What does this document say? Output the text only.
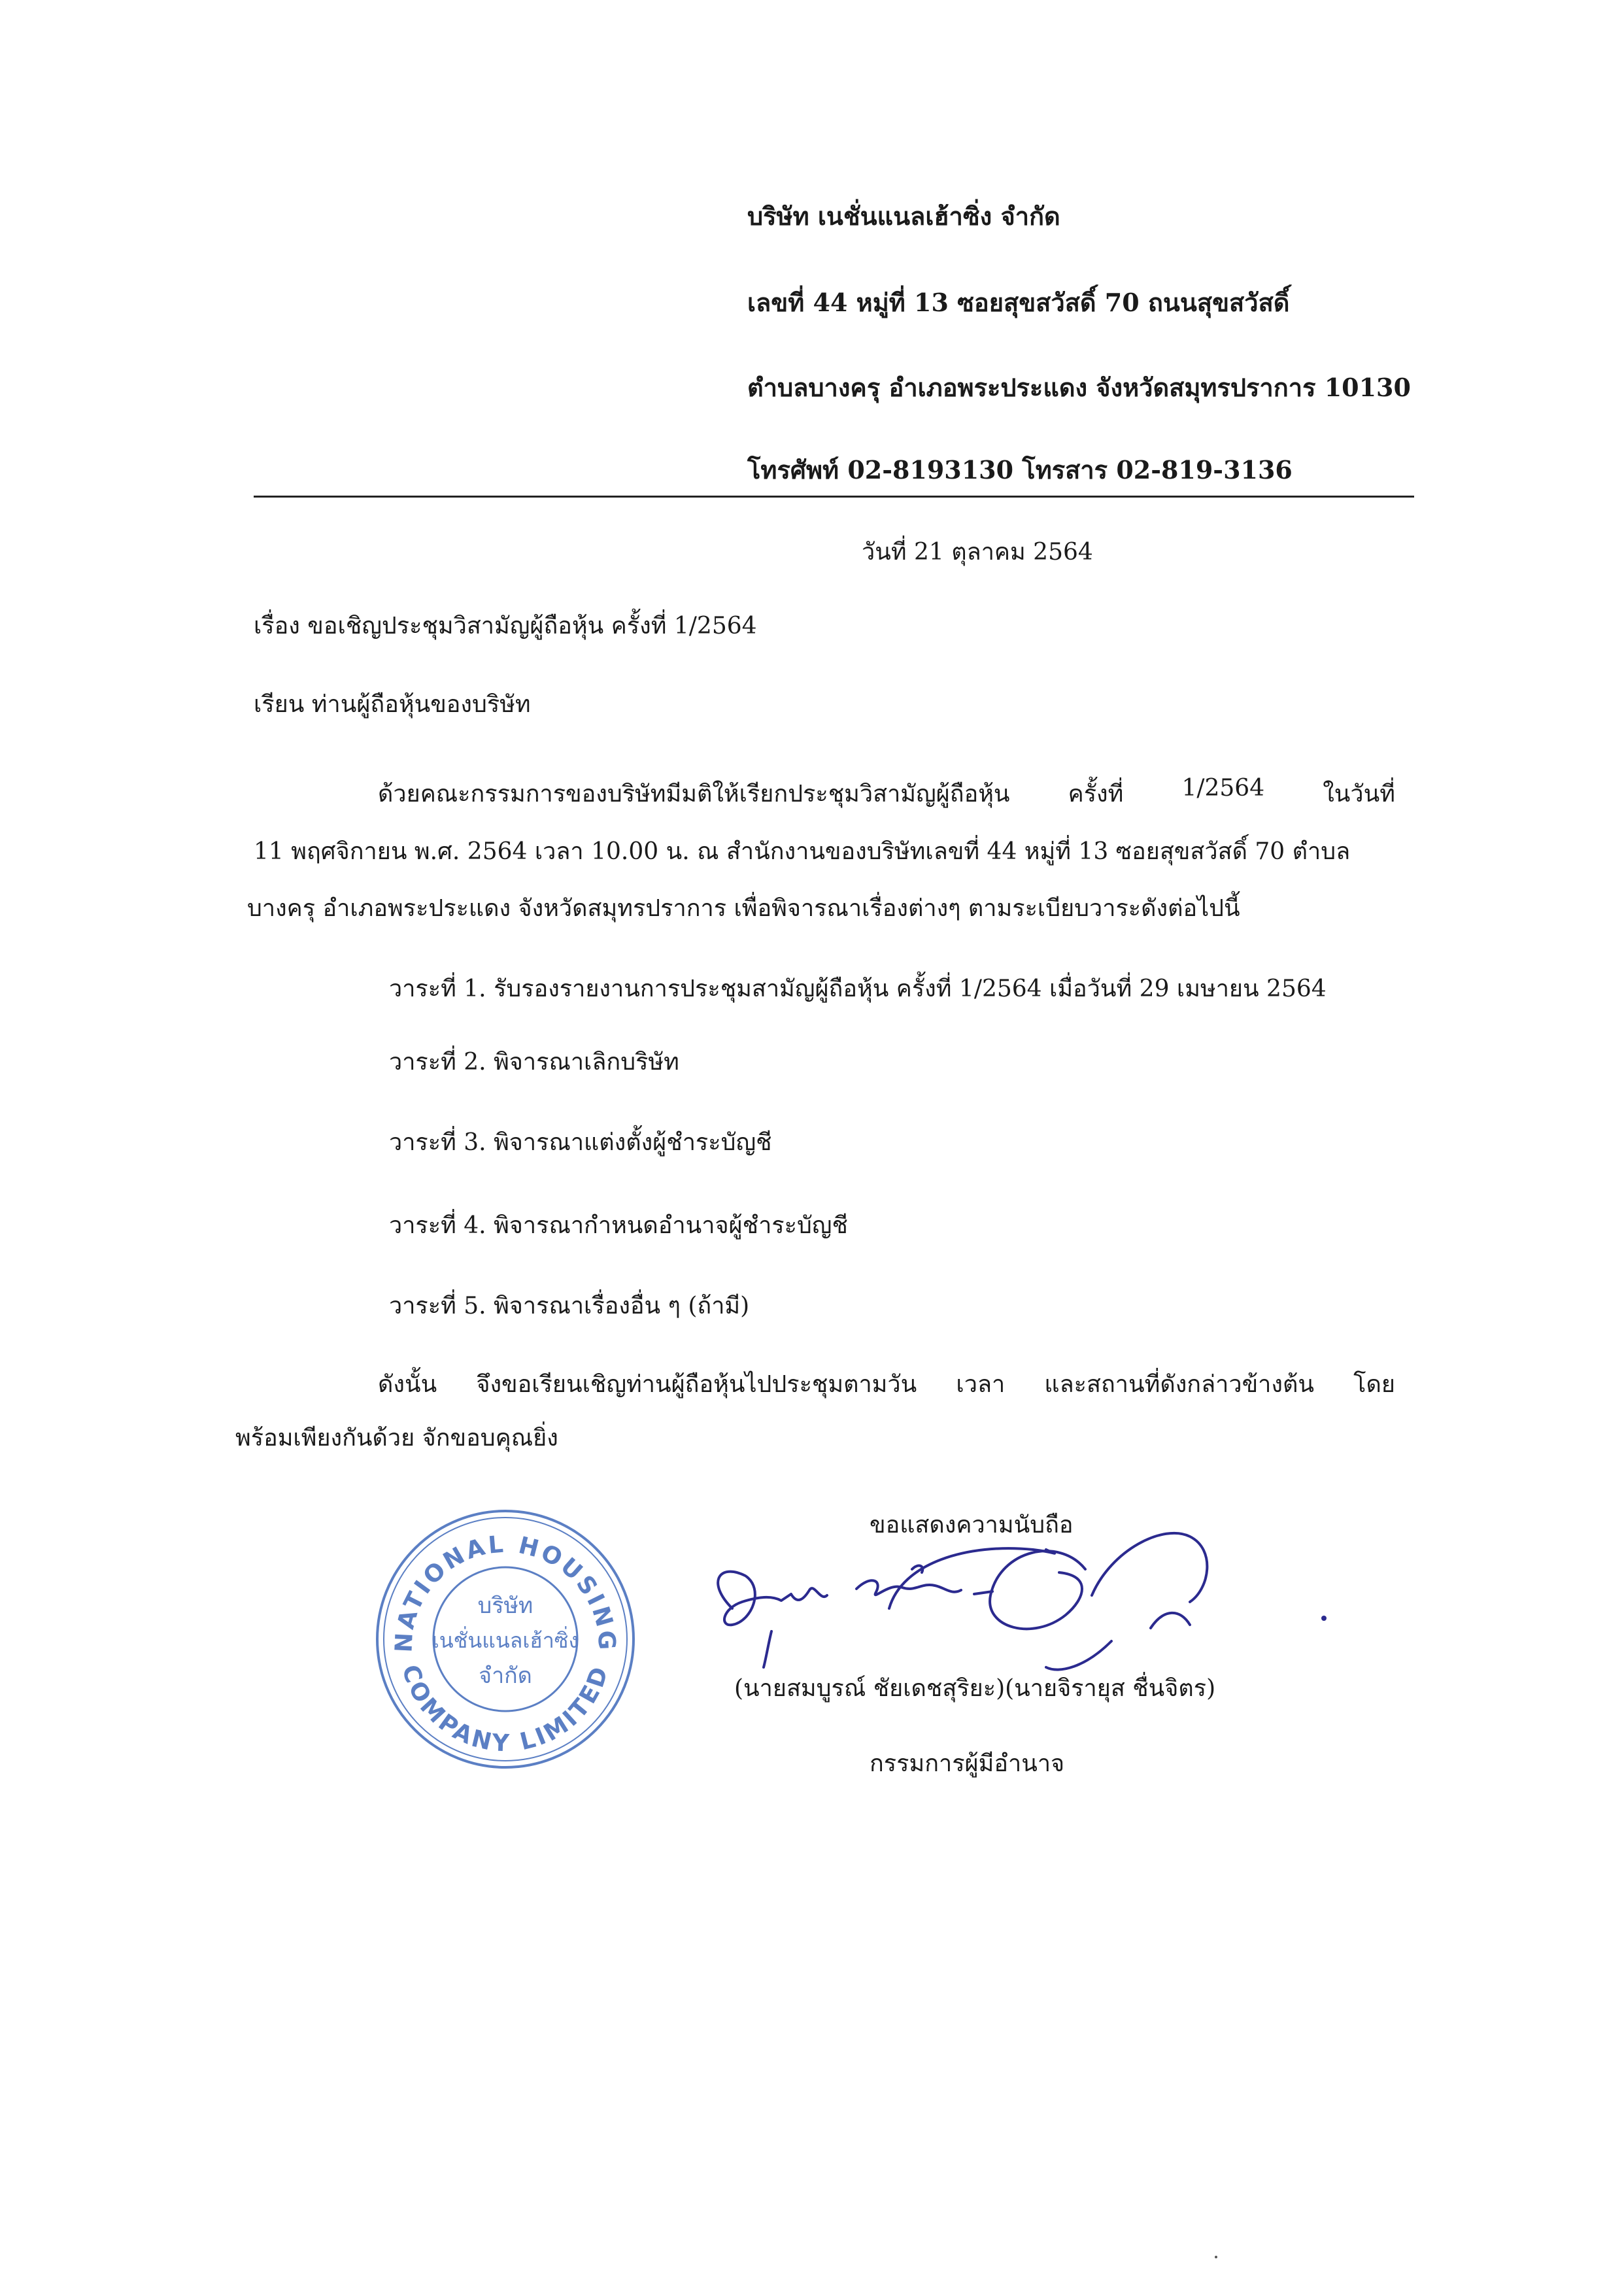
บริษัท เนชั่นแนลเฮ้าซิ่ง จำกัด
เลขที่ 44 หมู่ที่ 13 ซอยสุขสวัสดิ์ 70 ถนนสุขสวัสดิ์
ตำบลบางครุ อำเภอพระประแดง จังหวัดสมุทรปราการ 10130
โทรศัพท์ 02-8193130 โทรสาร 02-819-3136
วันที่ 21 ตุลาคม 2564
เรื่อง ขอเชิญประชุมวิสามัญผู้ถือหุ้น ครั้งที่ 1/2564
เรียน ท่านผู้ถือหุ้นของบริษัท
ด้วยคณะกรรมการของบริษัทมีมติให้เรียกประชุมวิสามัญผู้ถือหุ้น ครั้งที่ 1/2564 ในวันที่
11 พฤศจิกายน พ.ศ. 2564 เวลา 10.00 น. ณ สำนักงานของบริษัทเลขที่ 44 หมู่ที่ 13 ซอยสุขสวัสดิ์ 70 ตำบล
บางครุ อำเภอพระประแดง จังหวัดสมุทรปราการ เพื่อพิจารณาเรื่องต่างๆ ตามระเบียบวาระดังต่อไปนี้
วาระที่ 1. รับรองรายงานการประชุมสามัญผู้ถือหุ้น ครั้งที่ 1/2564 เมื่อวันที่ 29 เมษายน 2564
วาระที่ 2. พิจารณาเลิกบริษัท
วาระที่ 3. พิจารณาแต่งตั้งผู้ชำระบัญชี
วาระที่ 4. พิจารณากำหนดอำนาจผู้ชำระบัญชี
วาระที่ 5. พิจารณาเรื่องอื่น ๆ (ถ้ามี)
ดังนั้น จึงขอเรียนเชิญท่านผู้ถือหุ้นไปประชุมตามวัน เวลา และสถานที่ดังกล่าวข้างต้น โดย
พร้อมเพียงกันด้วย จักขอบคุณยิ่ง
ขอแสดงความนับถือ
NATIONAL HOUSING
COMPANY LIMITED
บริษัท
เนชั่นแนลเฮ้าซิ่ง
จำกัด	(นายสมบูรณ์ ชัยเดชสุริยะ)(นายจิรายุส ชื่นจิตร)
กรรมการผู้มีอำนาจ
